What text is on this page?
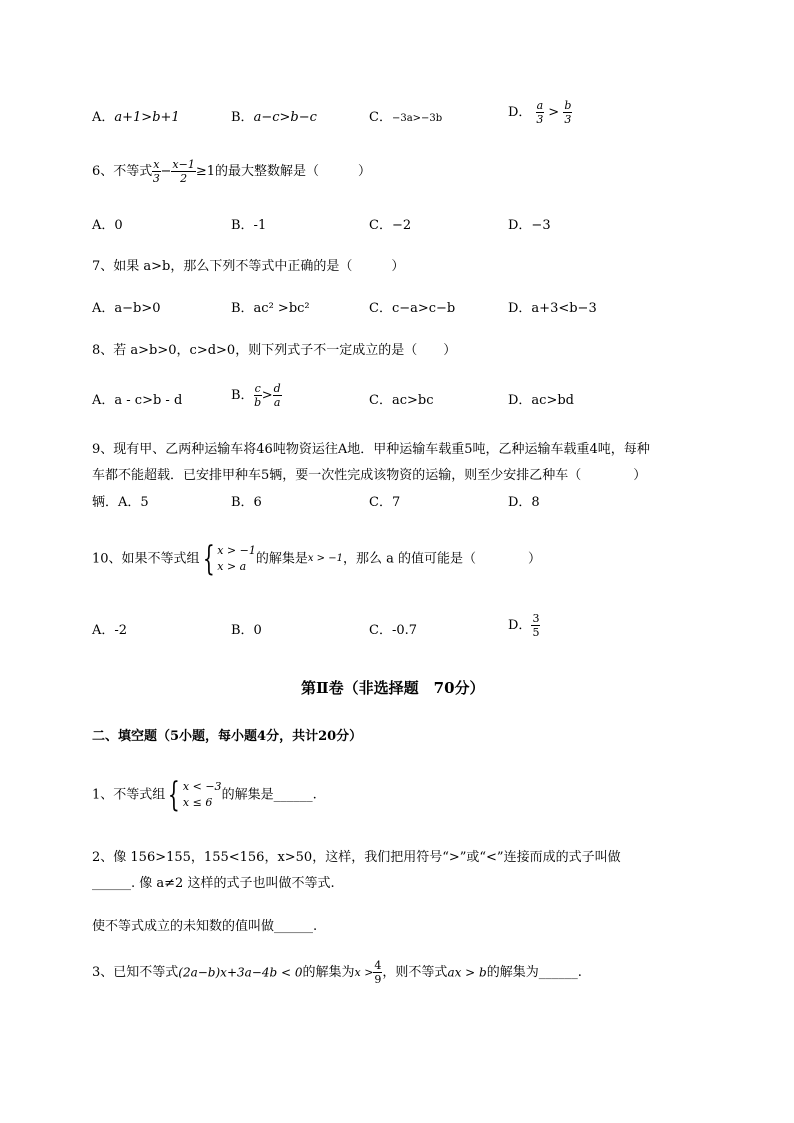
A．a+1>b+1	B．a−c>b−c	C．−3a>−3b	D． $\frac{a}{3} > \frac{b}{3}$
6、不等式 $\frac{x}{3} - \frac{x-1}{2} \ge 1$的最大整数解是（　　　）
A．0	B．-1	C．−2	D．−3
7、如果 a>b，那么下列不等式中正确的是（　　　）
A．a−b>0	B．ac² >bc²	C．c−a>c−b	D．a+3<b−3
8、若 a>b>0，c>d>0，则下列式子不一定成立的是（　　）
A．a - c>b - d	B． $\frac{c}{b} > \frac{d}{a}$	C．ac>bc	D．ac>bd
9、现有甲、乙两种运输车将46吨物资运往A地．甲种运输车载重5吨，乙种运输车载重4吨，每种
车都不能超载．已安排甲种车5辆，要一次性完成该物资的运输，则至少安排乙种车（　　　　）
辆．A．5	B．6	C．7	D．8
10、如果不等式组 { x > −1
x > a 的解集是x > −1，那么 a 的值可能是（　　　　）
A．-2	B．0	C．-0.7	D． $\frac{3}{5}$
第Ⅱ卷（非选择题　70分）
二、填空题（5小题，每小题4分，共计20分）
1、不等式组 { x < −3
x ≤ 6 的解集是______.
2、像 156>155，155<156，x>50，这样，我们把用符号“>”或“<”连接而成的式子叫做
______. 像 a≠2 这样的式子也叫做不等式.
使不等式成立的未知数的值叫做______.
3、已知不等式(2a−b)x+3a−4b < 0的解集为$x > \frac{4}{9}$ ，则不等式ax > b的解集为______.
